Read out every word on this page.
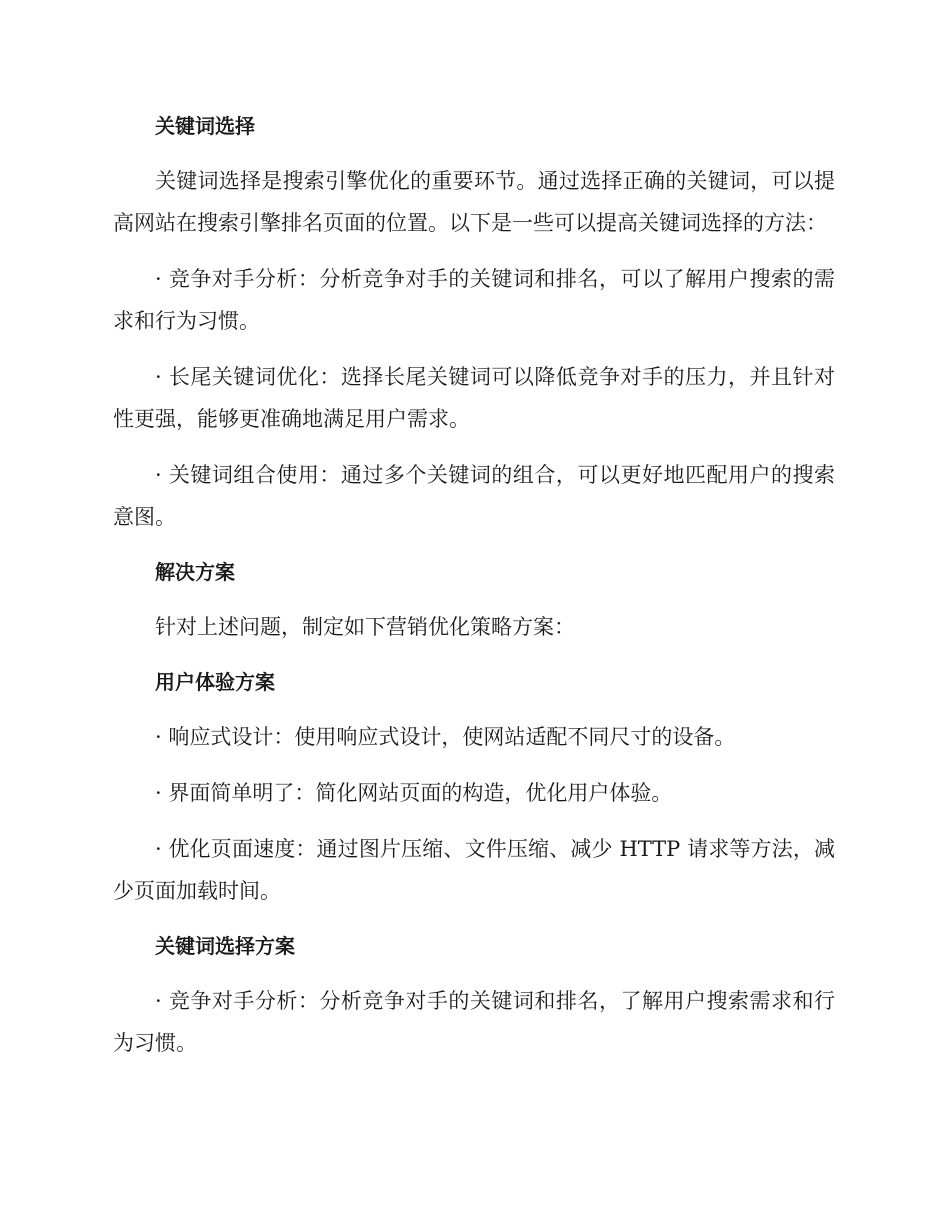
关键词选择

关键词选择是搜索引擎优化的重要环节。通过选择正确的关键词，可以提高网站在搜索引擎排名页面的位置。以下是一些可以提高关键词选择的方法：

· 竞争对手分析：分析竞争对手的关键词和排名，可以了解用户搜索的需求和行为习惯。

· 长尾关键词优化：选择长尾关键词可以降低竞争对手的压力，并且针对性更强，能够更准确地满足用户需求。

· 关键词组合使用：通过多个关键词的组合，可以更好地匹配用户的搜索意图。

解决方案

针对上述问题，制定如下营销优化策略方案：

用户体验方案

· 响应式设计：使用响应式设计，使网站适配不同尺寸的设备。

· 界面简单明了：简化网站页面的构造，优化用户体验。

· 优化页面速度：通过图片压缩、文件压缩、减少 HTTP 请求等方法，减少页面加载时间。

关键词选择方案

· 竞争对手分析：分析竞争对手的关键词和排名，了解用户搜索需求和行为习惯。
